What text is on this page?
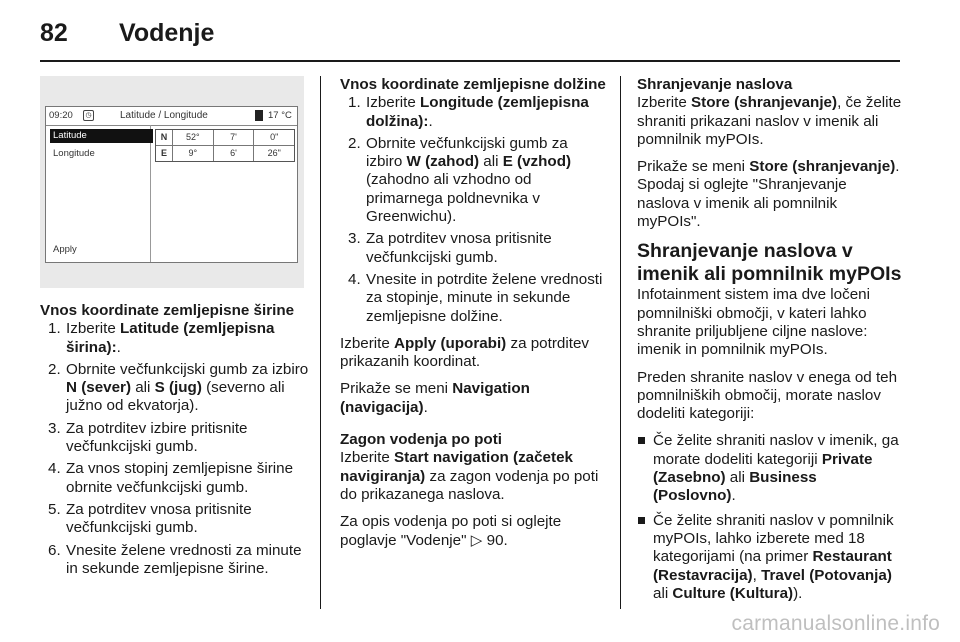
82 Vodenje
09:20	◷	Latitude / Longitude	17 °C
Latitude
Longitude
N	52°	7'	0"
E	9°	6'	26"
Apply
Vnos koordinate zemljepisne širine
1. Izberite Latitude (zemljepisna širina):.
2. Obrnite večfunkcijski gumb za izbiro N (sever) ali S (jug) (severno ali južno od ekvatorja).
3. Za potrditev izbire pritisnite večfunkcijski gumb.
4. Za vnos stopinj zemljepisne širine obrnite večfunkcijski gumb.
5. Za potrditev vnosa pritisnite večfunkcijski gumb.
6. Vnesite želene vrednosti za minute in sekunde zemljepisne širine.
Vnos koordinate zemljepisne dolžine
1. Izberite Longitude (zemljepisna dolžina):.
2. Obrnite večfunkcijski gumb za izbiro W (zahod) ali E (vzhod) (zahodno ali vzhodno od primarnega poldnevnika v Greenwichu).
3. Za potrditev vnosa pritisnite večfunkcijski gumb.
4. Vnesite in potrdite želene vrednosti za stopinje, minute in sekunde zemljepisne dolžine.

Izberite Apply (uporabi) za potrditev prikazanih koordinat.

Prikaže se meni Navigation (navigacija).

Zagon vodenja po poti

Izberite Start navigation (začetek navigiranja) za zagon vodenja po poti do prikazanega naslova.

Za opis vodenja po poti si oglejte poglavje "Vodenje" ▷ 90.

Shranjevanje naslova

Izberite Store (shranjevanje), če želite shraniti prikazani naslov v imenik ali pomnilnik myPOIs.

Prikaže se meni Store (shranjevanje). Spodaj si oglejte "Shranjevanje naslova v imenik ali pomnilnik myPOIs".

Shranjevanje naslova v imenik ali pomnilnik myPOIs

Infotainment sistem ima dve ločeni pomnilniški območji, v kateri lahko shranite priljubljene ciljne naslove: imenik in pomnilnik myPOIs.

Preden shranite naslov v enega od teh pomnilniških območij, morate naslov dodeliti kategoriji:

Če želite shraniti naslov v imenik, ga morate dodeliti kategoriji Private (Zasebno) ali Business (Poslovno).
Če želite shraniti naslov v pomnilnik myPOIs, lahko izberete med 18 kategorijami (na primer Restaurant (Restavracija), Travel (Potovanja) ali Culture (Kultura)).
carmanualsonline.info
